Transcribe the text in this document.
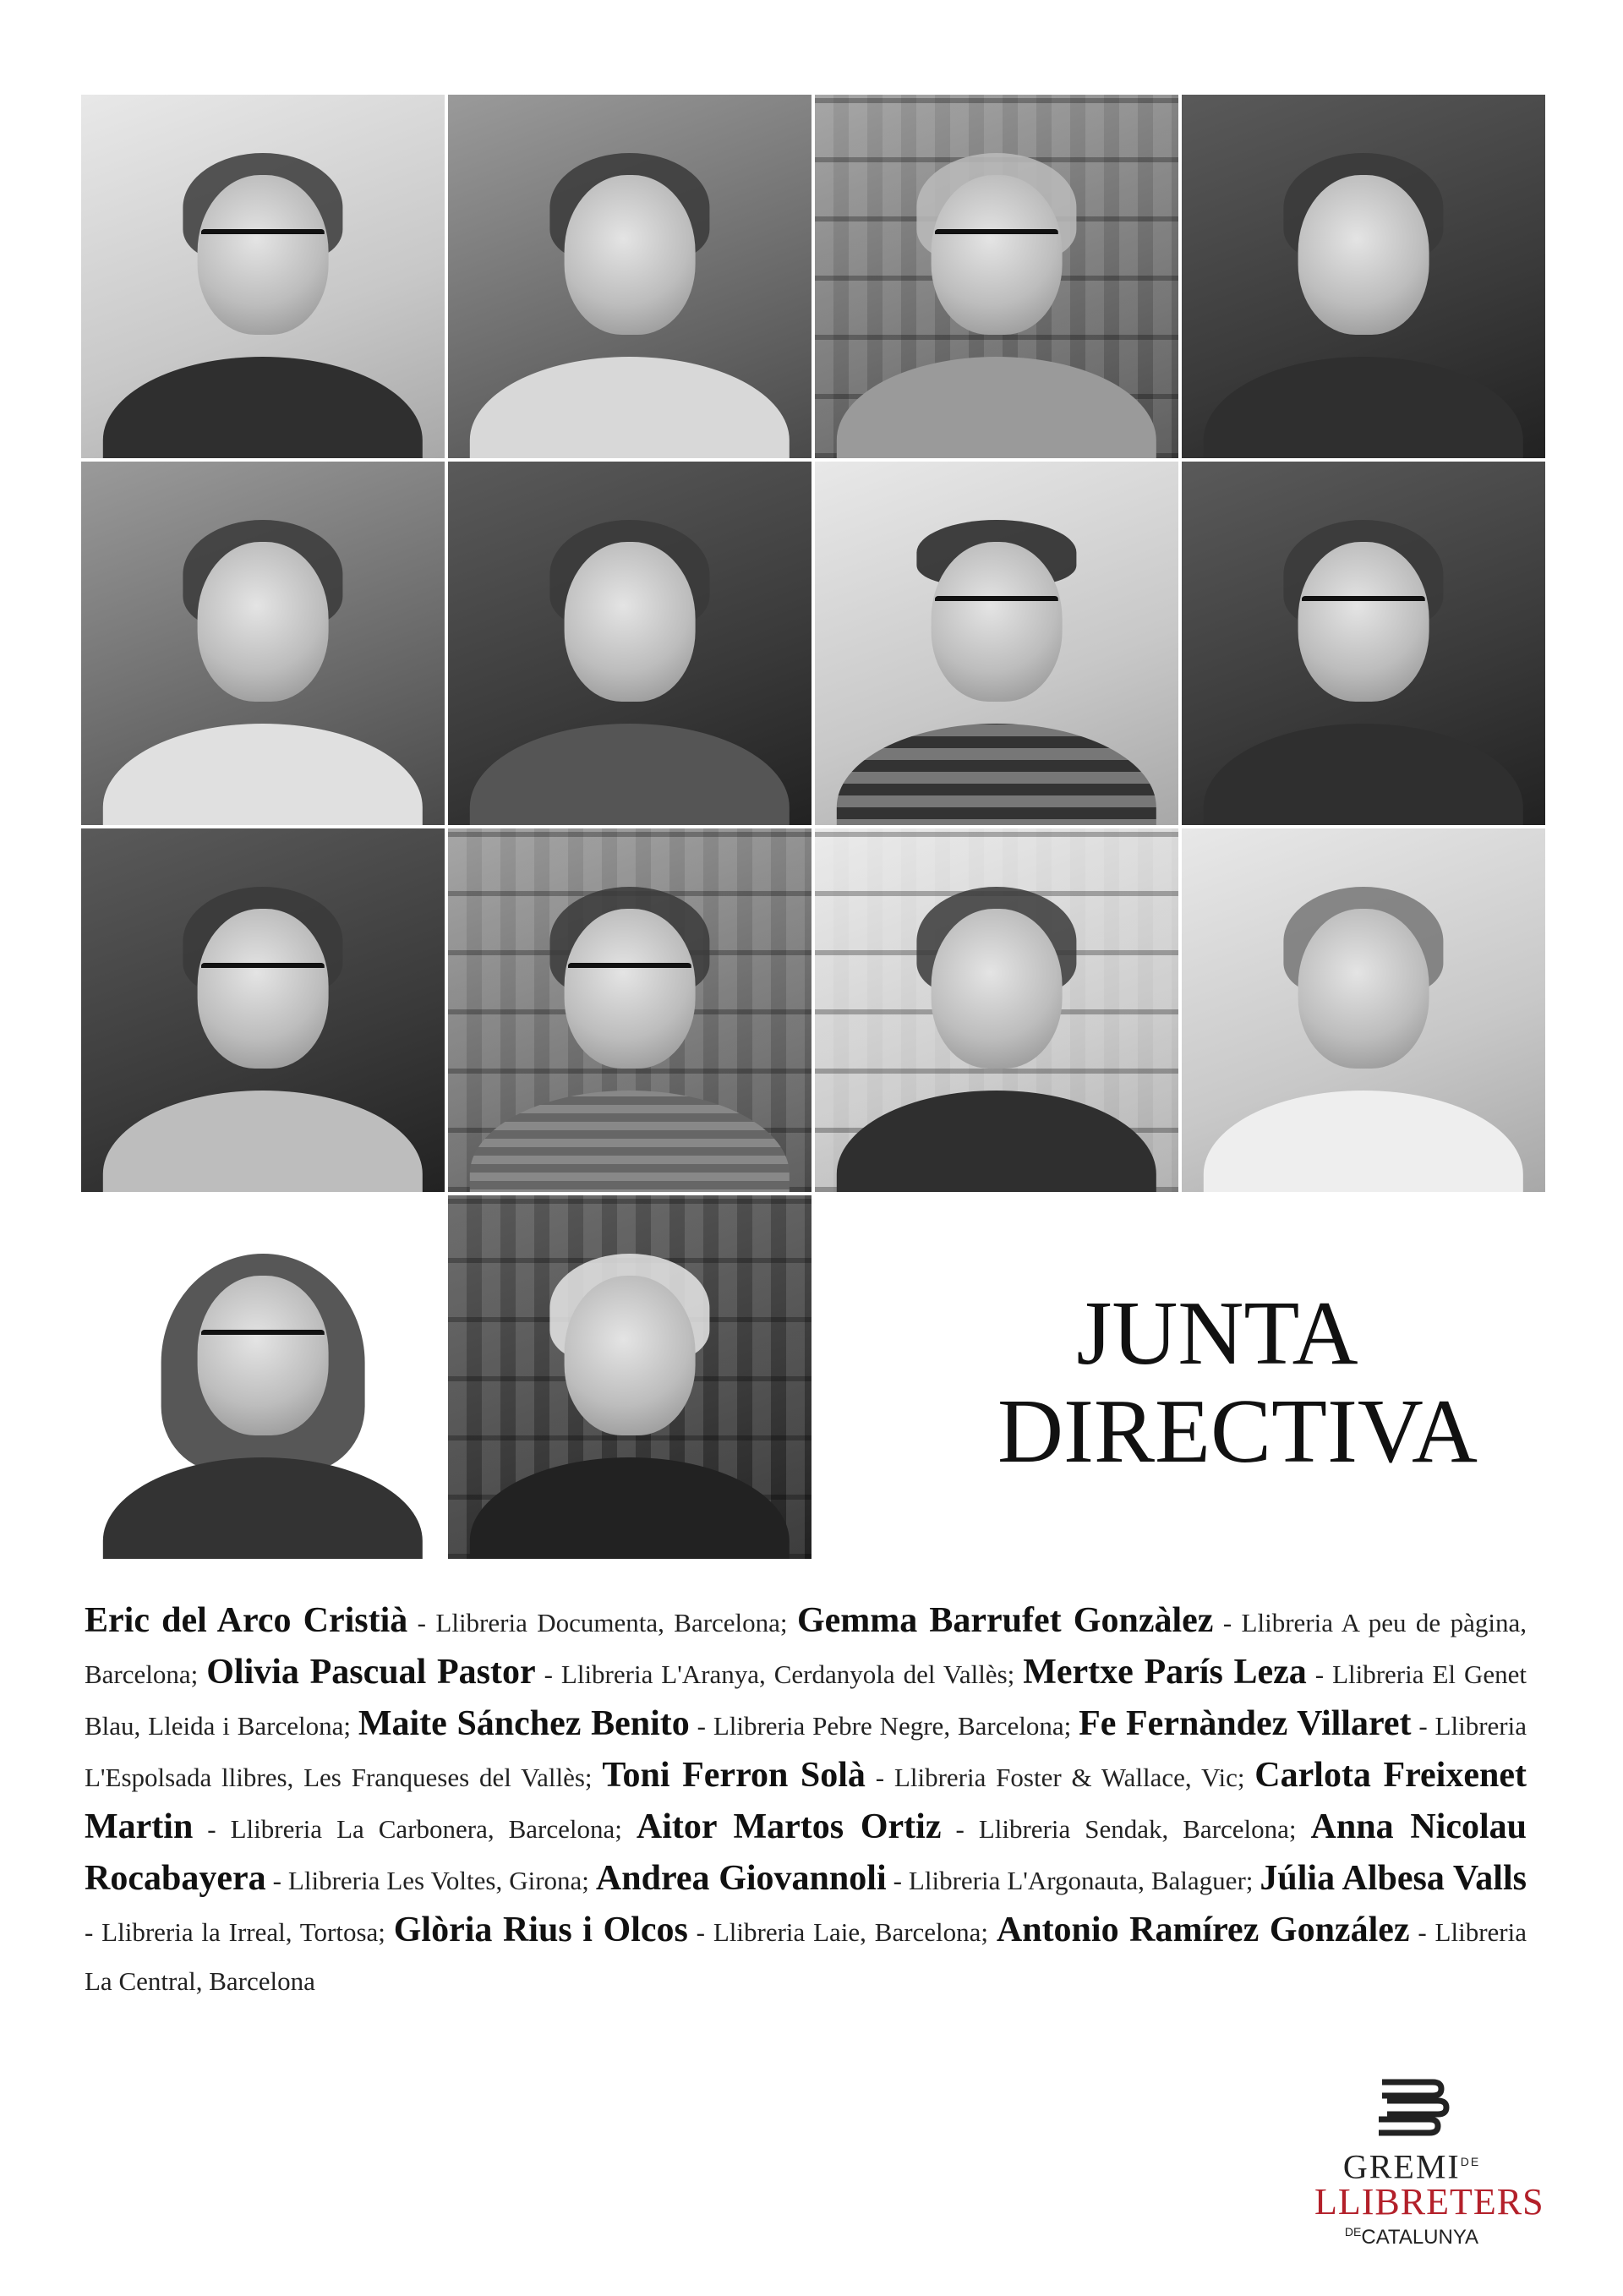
JUNTA
DIRECTIVA
Eric del Arco Cristià - Llibreria Documenta, Barcelona; Gemma Barrufet Gonzàlez - Llibreria A peu de pàgina, Barcelona; Olivia Pascual Pastor - Llibreria L'Aranya, Cerdanyola del Vallès; Mertxe París Leza - Llibreria El Genet Blau, Lleida i Barcelona; Maite Sánchez Benito - Llibreria Pebre Negre, Barcelona; Fe Fernàndez Villaret - Llibreria L'Espolsada llibres, Les Franqueses del Vallès; Toni Ferron Solà - Llibreria Foster & Wallace, Vic; Carlota Freixenet Martin - Llibreria La Carbonera, Barcelona; Aitor Martos Ortiz - Llibreria Sendak, Barcelona; Anna Nicolau Rocabayera - Llibreria Les Voltes, Girona; Andrea Giovannoli - Llibreria L'Argonauta, Balaguer; Júlia Albesa Valls - Llibreria la Irreal, Tortosa; Glòria Rius i Olcos - Llibreria Laie, Barcelona; Antonio Ramírez González - Llibreria La Central, Barcelona
$GREMI^{DE}$
LLIBRETERS
$^{DE}$CATALUNYA
